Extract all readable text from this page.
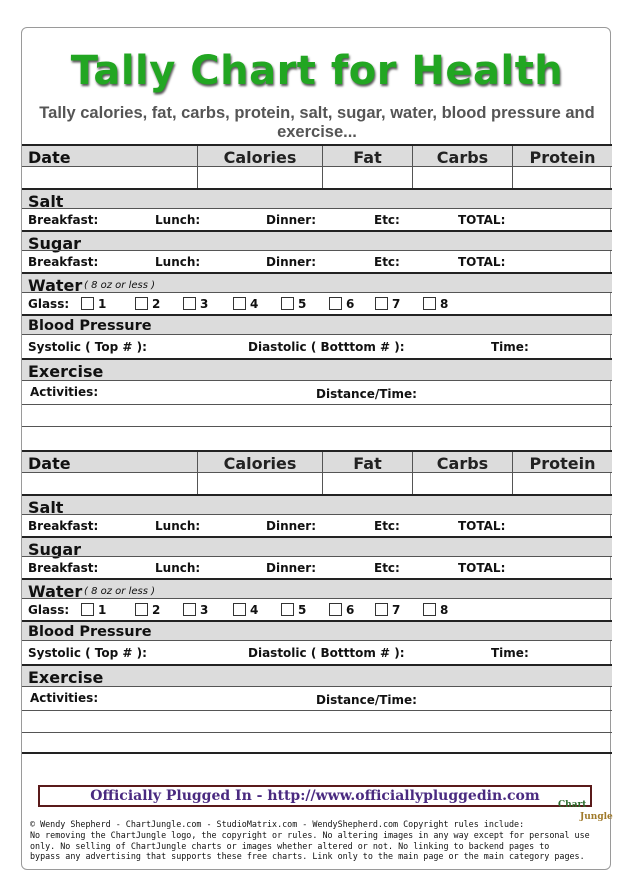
Tally Chart for Health
Tally calories, fat, carbs, protein, salt, sugar, water, blood pressure and exercise...
Date	Calories	Fat	Carbs	Protein
Salt
Breakfast:	Lunch:	Dinner:	Etc:	TOTAL:
Sugar
Breakfast:	Lunch:	Dinner:	Etc:	TOTAL:
Water ( 8 oz or less )
Glass: 1	2	3	4	5	6	7	8
Blood Pressure
Systolic ( Top # ):	Diastolic ( Botttom # ):	Time:
Exercise
Activities:	Distance/Time:
Date	Calories	Fat	Carbs	Protein
Salt
Breakfast:	Lunch:	Dinner:	Etc:	TOTAL:
Sugar
Breakfast:	Lunch:	Dinner:	Etc:	TOTAL:
Water ( 8 oz or less )
Glass: 1	2	3	4	5	6	7	8
Blood Pressure
Systolic ( Top # ):	Diastolic ( Botttom # ):	Time:
Exercise
Activities:	Distance/Time:
Officially Plugged In - http://www.officiallypluggedin.com
Chart
Jungle
© Wendy Shepherd - ChartJungle.com - StudioMatrix.com - WendyShepherd.com Copyright rules include:
No removing the ChartJungle logo, the copyright or rules. No altering images in any way except for personal use
only. No selling of ChartJungle charts or images whether altered or not. No linking to backend pages to
bypass any advertising that supports these free charts. Link only to the main page or the main category pages.
